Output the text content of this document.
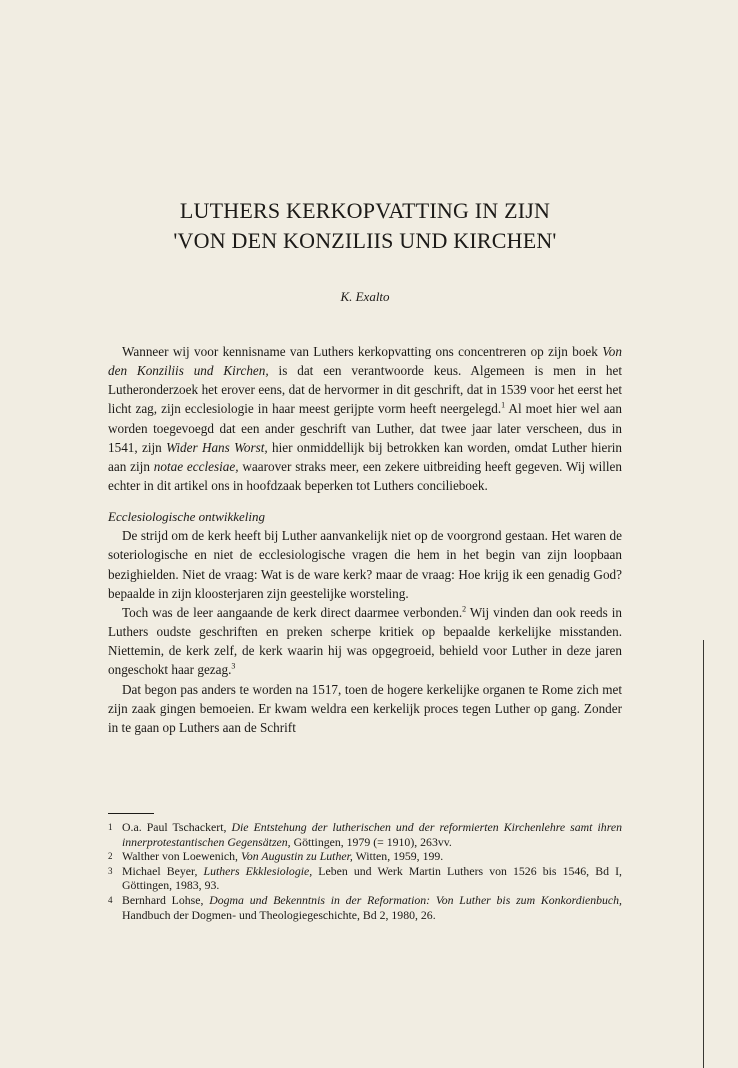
LUTHERS KERKOPVATTING IN ZIJN
'VON DEN KONZILIIS UND KIRCHEN'
K. Exalto

Wanneer wij voor kennisname van Luthers kerkopvatting ons concentreren op zijn boek Von den Konziliis und Kirchen, is dat een verantwoorde keus. Algemeen is men in het Lutheronderzoek het erover eens, dat de hervormer in dit geschrift, dat in 1539 voor het eerst het licht zag, zijn ecclesiologie in haar meest gerijpte vorm heeft neergelegd.$^1$ Al moet hier wel aan worden toegevoegd dat een ander geschrift van Luther, dat twee jaar later verscheen, dus in 1541, zijn Wider Hans Worst, hier onmiddellijk bij betrokken kan worden, omdat Luther hierin aan zijn notae ecclesiae, waarover straks meer, een zekere uitbreiding heeft gegeven. Wij willen echter in dit artikel ons in hoofdzaak beperken tot Luthers concilieboek.

Ecclesiologische ontwikkeling

De strijd om de kerk heeft bij Luther aanvankelijk niet op de voorgrond gestaan. Het waren de soteriologische en niet de ecclesiologische vragen die hem in het begin van zijn loopbaan bezighielden. Niet de vraag: Wat is de ware kerk? maar de vraag: Hoe krijg ik een genadig God? bepaalde in zijn kloosterjaren zijn geestelijke worsteling.

Toch was de leer aangaande de kerk direct daarmee verbonden.$^2$ Wij vinden dan ook reeds in Luthers oudste geschriften en preken scherpe kritiek op bepaalde kerkelijke misstanden. Niettemin, de kerk zelf, de kerk waarin hij was opgegroeid, behield voor Luther in deze jaren ongeschokt haar gezag.$^3$

Dat begon pas anders te worden na 1517, toen de hogere kerkelijke organen te Rome zich met zijn zaak gingen bemoeien. Er kwam weldra een kerkelijk proces tegen Luther op gang. Zonder in te gaan op Luthers aan de Schrift

1 O.a. Paul Tschackert, Die Entstehung der lutherischen und der reformierten Kirchenlehre samt ihren innerprotestantischen Gegensätzen, Göttingen, 1979 (= 1910), 263vv.
2 Walther von Loewenich, Von Augustin zu Luther, Witten, 1959, 199.
3 Michael Beyer, Luthers Ekklesiologie, Leben und Werk Martin Luthers von 1526 bis 1546, Bd I, Göttingen, 1983, 93.
4 Bernhard Lohse, Dogma und Bekenntnis in der Reformation: Von Luther bis zum Konkordienbuch, Handbuch der Dogmen- und Theologiegeschichte, Bd 2, 1980, 26.
